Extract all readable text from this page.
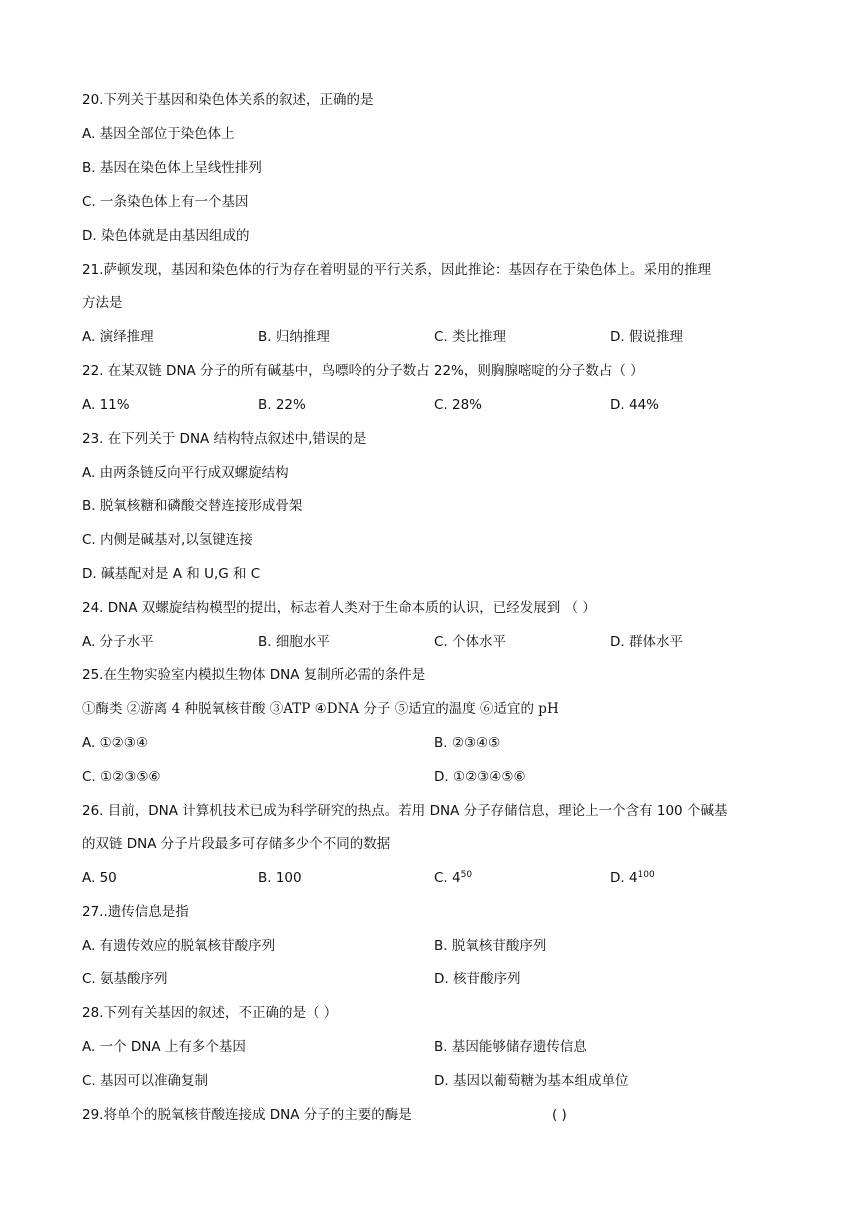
20.下列关于基因和染色体关系的叙述，正确的是
A. 基因全部位于染色体上
B. 基因在染色体上呈线性排列
C. 一条染色体上有一个基因
D. 染色体就是由基因组成的
21.萨顿发现，基因和染色体的行为存在着明显的平行关系，因此推论：基因存在于染色体上。采用的推理
方法是
A. 演绎推理	B. 归纳推理	C. 类比推理	D. 假说推理
22. 在某双链 DNA 分子的所有碱基中，鸟嘌呤的分子数占 22%，则胸腺嘧啶的分子数占（ ）
A. 11%	B. 22%	C. 28%	D. 44%
23. 在下列关于 DNA 结构特点叙述中,错误的是
A. 由两条链反向平行成双螺旋结构
B. 脱氧核糖和磷酸交替连接形成骨架
C. 内侧是碱基对,以氢键连接
D. 碱基配对是 A 和 U,G 和 C
24. DNA 双螺旋结构模型的提出，标志着人类对于生命本质的认识，已经发展到 （ ）
A. 分子水平	B. 细胞水平	C. 个体水平	D. 群体水平
25.在生物实验室内模拟生物体 DNA 复制所必需的条件是
①酶类 ②游离 4 种脱氧核苷酸 ③ATP ④DNA 分子 ⑤适宜的温度 ⑥适宜的 pH
A. ①②③④	B. ②③④⑤
C. ①②③⑤⑥	D. ①②③④⑤⑥
26. 目前，DNA 计算机技术已成为科学研究的热点。若用 DNA 分子存储信息，理论上一个含有 100 个碱基
的双链 DNA 分子片段最多可存储多少个不同的数据
A. 50	B. 100	C. $4^{50}$	D. $4^{100}$
27..遗传信息是指
A. 有遗传效应的脱氧核苷酸序列	B. 脱氧核苷酸序列
C. 氨基酸序列	D. 核苷酸序列
28.下列有关基因的叙述，不正确的是（ ）
A. 一个 DNA 上有多个基因	B. 基因能够储存遗传信息
C. 基因可以准确复制	D. 基因以葡萄糖为基本组成单位
29.将单个的脱氧核苷酸连接成 DNA 分子的主要的酶是	( )
